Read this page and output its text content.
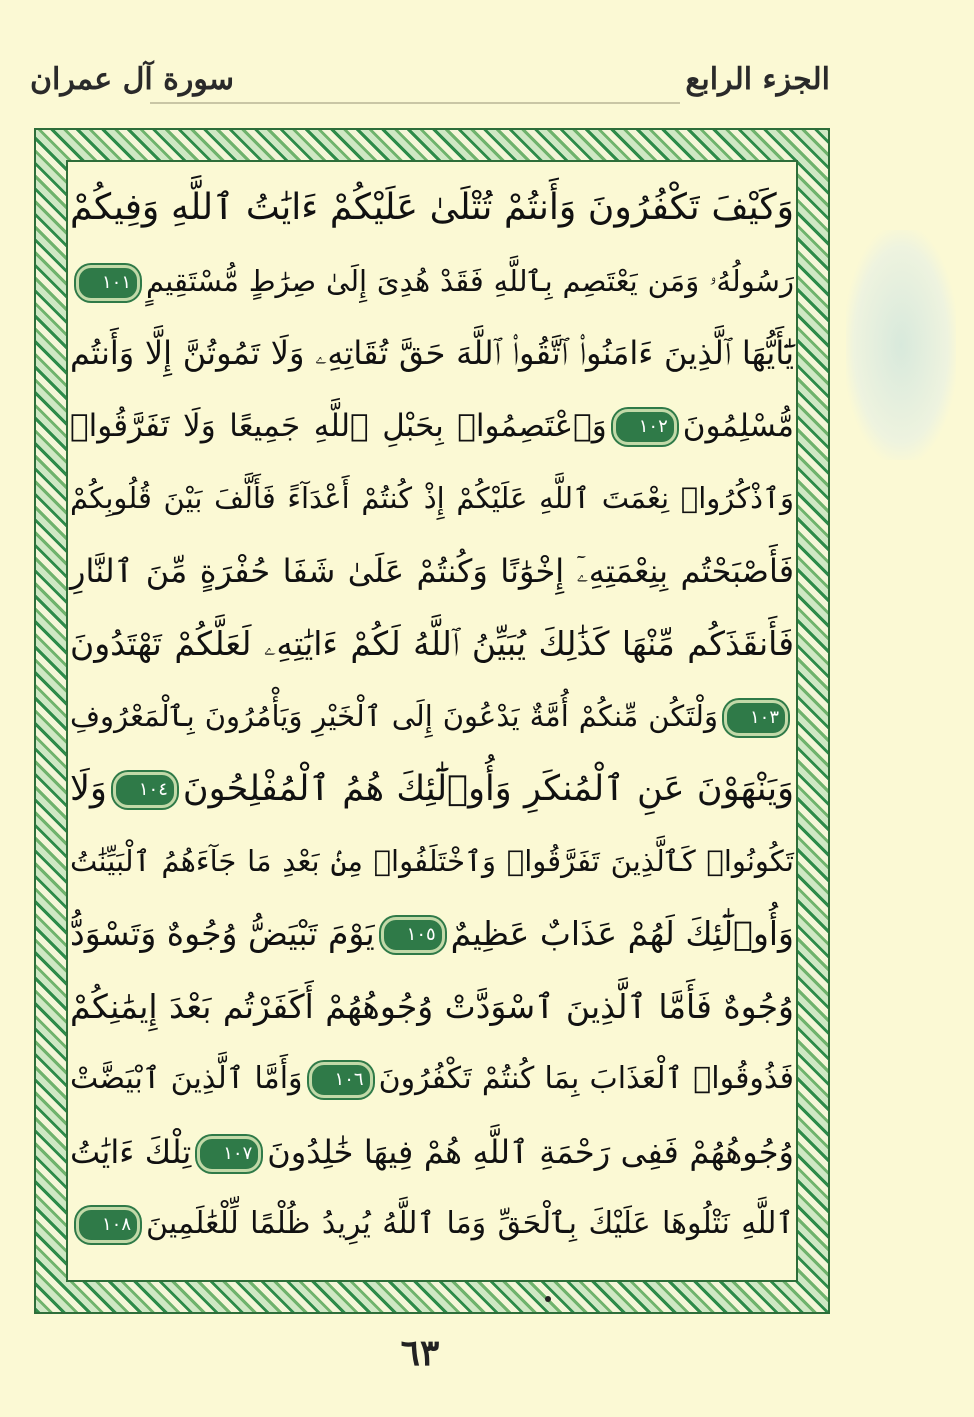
الجزء الرابع
سورة آل عمران
وَكَيْفَ تَكْفُرُونَ وَأَنتُمْ تُتْلَىٰ عَلَيْكُمْ ءَايَٰتُ ٱللَّهِ وَفِيكُمْ
رَسُولُهُۥ وَمَن يَعْتَصِم بِٱللَّهِ فَقَدْ هُدِىَ إِلَىٰ صِرَٰطٍ مُّسْتَقِيمٍ١٠١
يَٰٓأَيُّهَا ٱلَّذِينَ ءَامَنُوا۟ ٱتَّقُوا۟ ٱللَّهَ حَقَّ تُقَاتِهِۦ وَلَا تَمُوتُنَّ إِلَّا وَأَنتُم
مُّسْلِمُونَ١٠٢وَٱعْتَصِمُوا۟ بِحَبْلِ ٱللَّهِ جَمِيعًا وَلَا تَفَرَّقُوا۟
وَٱذْكُرُوا۟ نِعْمَتَ ٱللَّهِ عَلَيْكُمْ إِذْ كُنتُمْ أَعْدَآءً فَأَلَّفَ بَيْنَ قُلُوبِكُمْ
فَأَصْبَحْتُم بِنِعْمَتِهِۦٓ إِخْوَٰنًا وَكُنتُمْ عَلَىٰ شَفَا حُفْرَةٍ مِّنَ ٱلنَّارِ
فَأَنقَذَكُم مِّنْهَا كَذَٰلِكَ يُبَيِّنُ ٱللَّهُ لَكُمْ ءَايَٰتِهِۦ لَعَلَّكُمْ تَهْتَدُونَ
١٠٣وَلْتَكُن مِّنكُمْ أُمَّةٌ يَدْعُونَ إِلَى ٱلْخَيْرِ وَيَأْمُرُونَ بِٱلْمَعْرُوفِ
وَيَنْهَوْنَ عَنِ ٱلْمُنكَرِ وَأُو۟لَٰٓئِكَ هُمُ ٱلْمُفْلِحُونَ١٠٤وَلَا
تَكُونُوا۟ كَٱلَّذِينَ تَفَرَّقُوا۟ وَٱخْتَلَفُوا۟ مِنۢ بَعْدِ مَا جَآءَهُمُ ٱلْبَيِّنَٰتُ
وَأُو۟لَٰٓئِكَ لَهُمْ عَذَابٌ عَظِيمٌ١٠٥يَوْمَ تَبْيَضُّ وُجُوهٌ وَتَسْوَدُّ
وُجُوهٌ فَأَمَّا ٱلَّذِينَ ٱسْوَدَّتْ وُجُوهُهُمْ أَكَفَرْتُم بَعْدَ إِيمَٰنِكُمْ
فَذُوقُوا۟ ٱلْعَذَابَ بِمَا كُنتُمْ تَكْفُرُونَ١٠٦وَأَمَّا ٱلَّذِينَ ٱبْيَضَّتْ
وُجُوهُهُمْ فَفِى رَحْمَةِ ٱللَّهِ هُمْ فِيهَا خَٰلِدُونَ١٠٧تِلْكَ ءَايَٰتُ
ٱللَّهِ نَتْلُوهَا عَلَيْكَ بِٱلْحَقِّ وَمَا ٱللَّهُ يُرِيدُ ظُلْمًا لِّلْعَٰلَمِينَ١٠٨
٦٣
